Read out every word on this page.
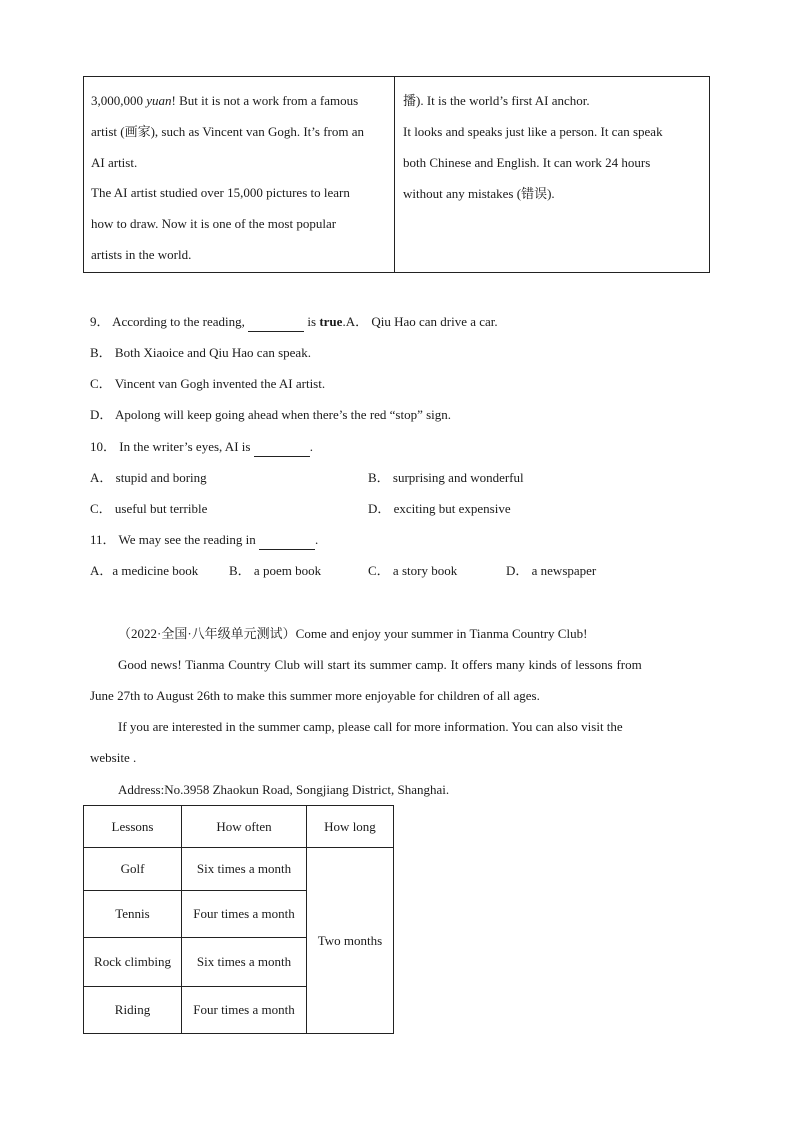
3,000,000 yuan! But it is not a work from a famous

artist (画家), such as Vincent van Gogh. It’s from an

AI artist.

The AI artist studied over 15,000 pictures to learn

how to draw. Now it is one of the most popular

artists in the world.

播). It is the world’s first AI anchor.

It looks and speaks just like a person. It can speak

both Chinese and English. It can work 24 hours

without any mistakes (错误).

9． According to the reading,	is true.A． Qiu Hao can drive a car.

B． Both Xiaoice and Qiu Hao can speak.

C． Vincent van Gogh invented the AI artist.

D． Apolong will keep going ahead when there’s the red “stop” sign.

10． In the writer’s eyes, AI is	.

A． stupid and boring	B． surprising and wonderful

C． useful but terrible	D． exciting but expensive

11． We may see the reading in	.

A．a medicine book B． a poem book	C． a story book	D． a newspaper

（2022·全国·八年级单元测试）Come and enjoy your summer in Tianma Country Club!

Good news! Tianma Country Club will start its summer camp. It offers many kinds of lessons from

June 27th to August 26th to make this summer more enjoyable for children of all ages.

If you are interested in the summer camp, please call for more information. You can also visit the

website .

Address:No.3958 Zhaokun Road, Songjiang District, Shanghai.

Lessons	How often	How long
Golf	Six times a month	Two months
Tennis	Four times a month	
Rock climbing	Six times a month	
Riding	Four times a month	
